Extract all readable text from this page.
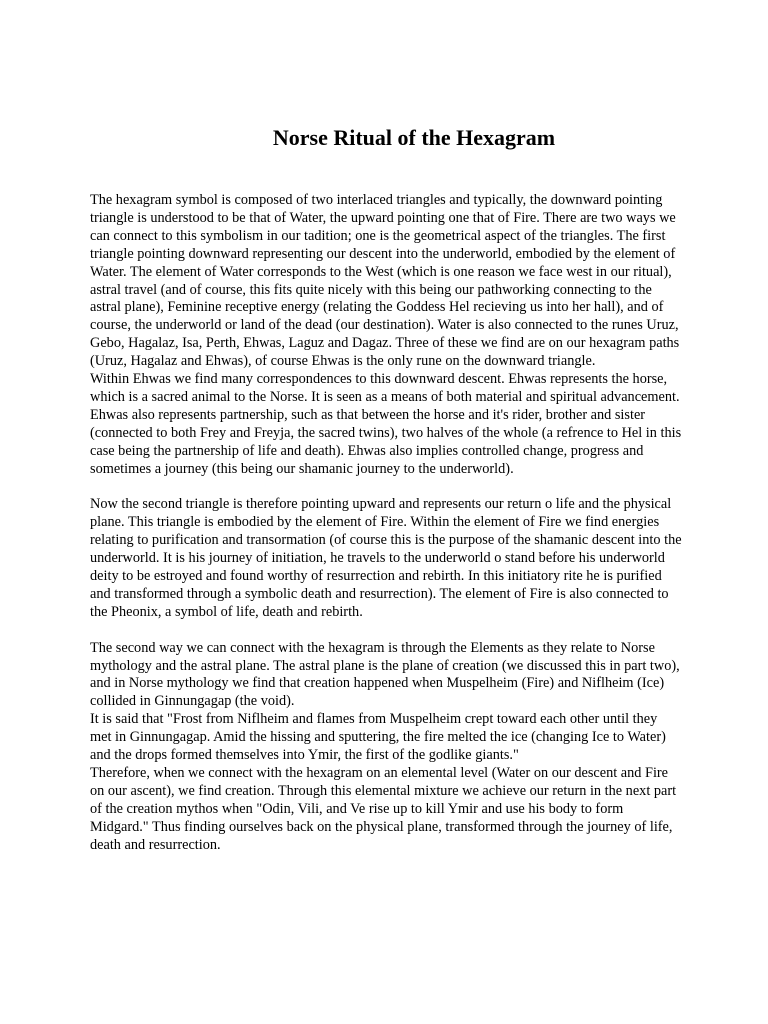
Norse Ritual of the Hexagram

The hexagram symbol is composed of two interlaced triangles and typically, the downward pointing triangle is understood to be that of Water, the upward pointing one that of Fire. There are two ways we can connect to this symbolism in our tadition; one is the geometrical aspect of the triangles. The first triangle pointing downward representing our descent into the underworld, embodied by the element of Water. The element of Water corresponds to the West (which is one reason we face west in our ritual), astral travel (and of course, this fits quite nicely with this being our pathworking connecting to the astral plane), Feminine receptive energy (relating the Goddess Hel recieving us into her hall), and of course, the underworld or land of the dead (our destination). Water is also connected to the runes Uruz, Gebo, Hagalaz, Isa, Perth, Ehwas, Laguz and Dagaz. Three of these we find are on our hexagram paths (Uruz, Hagalaz and Ehwas), of course Ehwas is the only rune on the downward triangle.

Within Ehwas we find many correspondences to this downward descent. Ehwas represents the horse, which is a sacred animal to the Norse. It is seen as a means of both material and spiritual advancement. Ehwas also represents partnership, such as that between the horse and it's rider, brother and sister (connected to both Frey and Freyja, the sacred twins), two halves of the whole (a refrence to Hel in this case being the partnership of life and death). Ehwas also implies controlled change, progress and sometimes a journey (this being our shamanic journey to the underworld).

Now the second triangle is therefore pointing upward and represents our return o life and the physical plane. This triangle is embodied by the element of Fire. Within the element of Fire we find energies relating to purification and transormation (of course this is the purpose of the shamanic descent into the underworld. It is his journey of initiation, he travels to the underworld o stand before his underworld deity to be estroyed and found worthy of resurrection and rebirth. In this initiatory rite he is purified and transformed through a symbolic death and resurrection). The element of Fire is also connected to the Pheonix, a symbol of life, death and rebirth.

The second way we can connect with the hexagram is through the Elements as they relate to Norse mythology and the astral plane. The astral plane is the plane of creation (we discussed this in part two), and in Norse mythology we find that creation happened when Muspelheim (Fire) and Niflheim (Ice) collided in Ginnungagap (the void).

It is said that "Frost from Niflheim and flames from Muspelheim crept toward each other until they met in Ginnungagap. Amid the hissing and sputtering, the fire melted the ice (changing Ice to Water) and the drops formed themselves into Ymir, the first of the godlike giants."

Therefore, when we connect with the hexagram on an elemental level (Water on our descent and Fire on our ascent), we find creation. Through this elemental mixture we achieve our return in the next part of the creation mythos when "Odin, Vili, and Ve rise up to kill Ymir and use his body to form Midgard." Thus finding ourselves back on the physical plane, transformed through the journey of life, death and resurrection.
